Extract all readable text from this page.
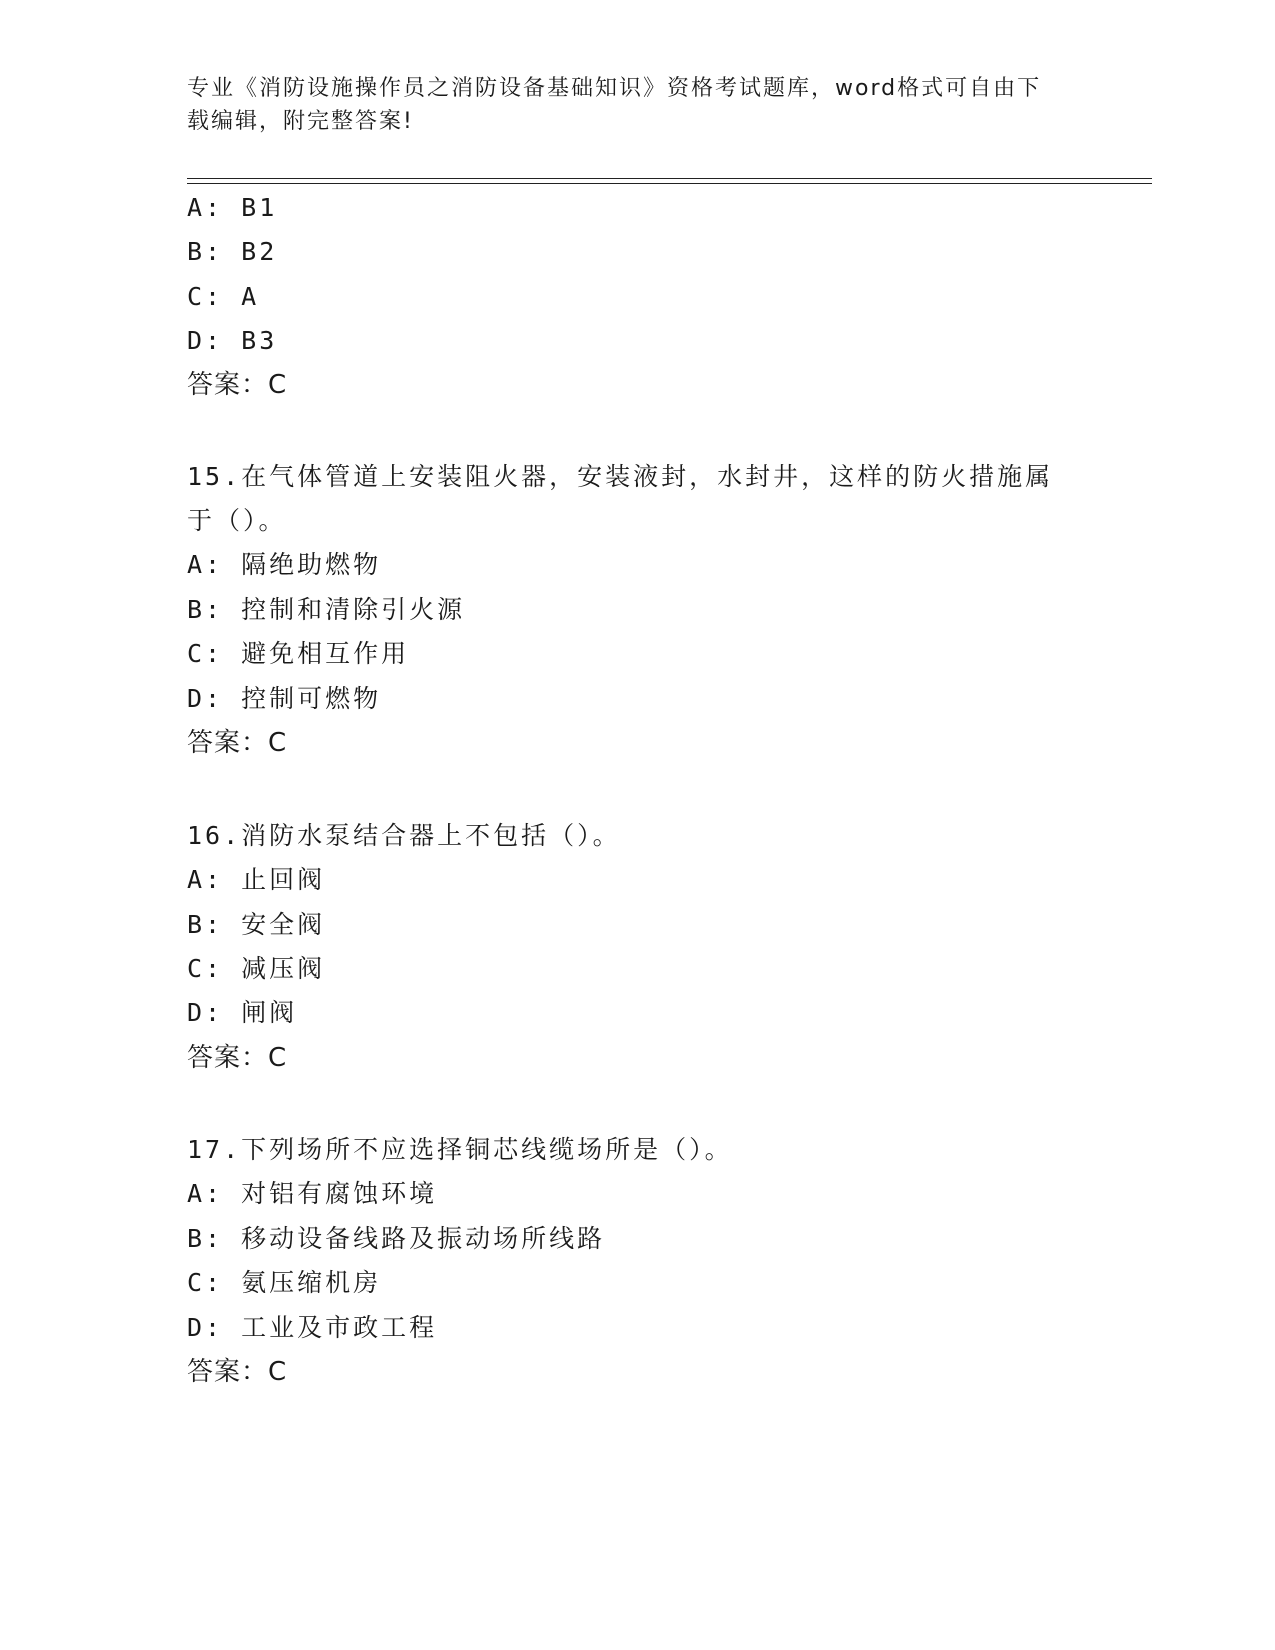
专业《消防设施操作员之消防设备基础知识》资格考试题库，word格式可自由下
载编辑，附完整答案!
A: B1
B: B2
C: A
D: B3
答案：C
15.在气体管道上安装阻火器，安装液封，水封井，这样的防火措施属
于（）。
A: 隔绝助燃物
B: 控制和清除引火源
C: 避免相互作用
D: 控制可燃物
答案：C
16.消防水泵结合器上不包括（）。
A: 止回阀
B: 安全阀
C: 减压阀
D: 闸阀
答案：C
17.下列场所不应选择铜芯线缆场所是（）。
A: 对铝有腐蚀环境
B: 移动设备线路及振动场所线路
C: 氨压缩机房
D: 工业及市政工程
答案：C
